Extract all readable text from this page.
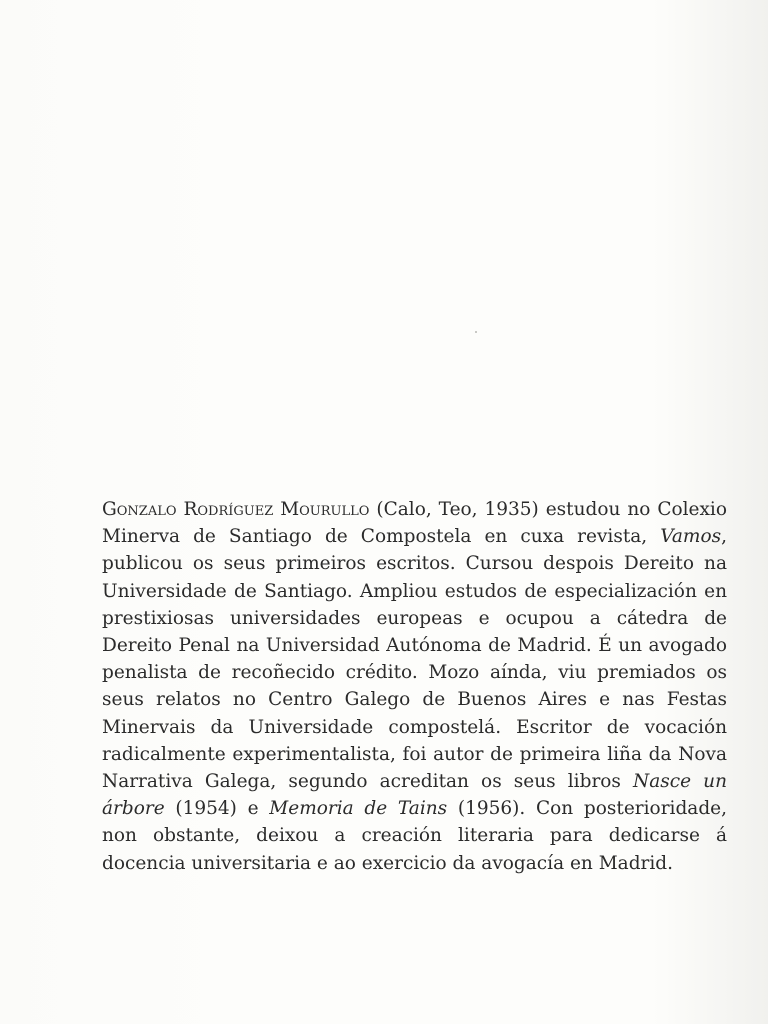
Gonzalo Rodríguez Mourullo (Calo, Teo, 1935) estudou no Colexio Minerva de Santiago de Compostela en cuxa revista, Vamos, publicou os seus primeiros escritos. Cursou despois Dereito na Universidade de Santiago. Ampliou estudos de especialización en prestixiosas universidades europeas e ocupou a cátedra de Dereito Penal na Universidad Autónoma de Madrid. É un avogado penalista de recoñecido crédito. Mozo aínda, viu premiados os seus relatos no Centro Galego de Buenos Aires e nas Festas Minervais da Universidade compostelá. Escritor de vocación radicalmente experimentalista, foi autor de primeira liña da Nova Narrativa Galega, segundo acreditan os seus libros Nasce un árbore (1954) e Memoria de Tains (1956). Con posterioridade, non obstante, deixou a creación literaria para dedicarse á docencia universitaria e ao exercicio da avogacía en Madrid.
